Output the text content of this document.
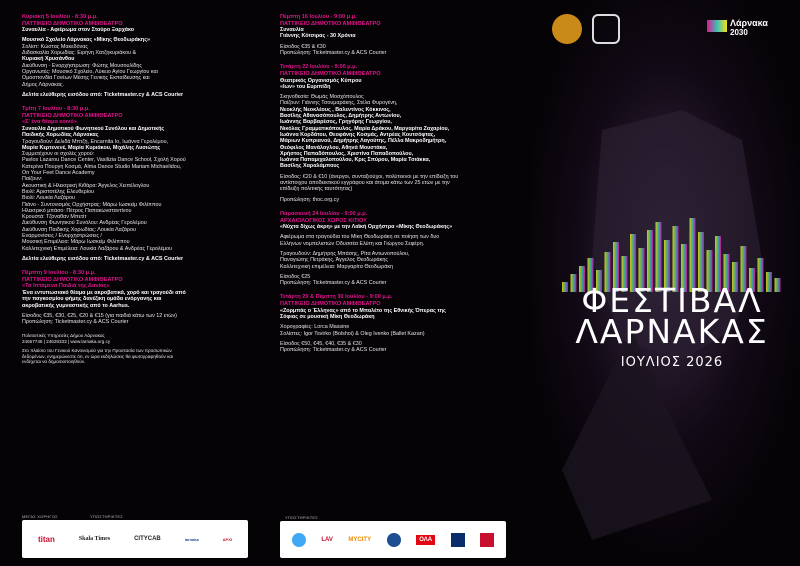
Κυριακή 5 Ιουλίου - 8:30 μ.μ.
ΠΑΤΤΙΚΕΙΟ ΔΗΜΟΤΙΚΟ ΑΜΦΙΘΕΑΤΡΟ
Συναυλία - Αφιέρωμα στον Σταύρο Ξαρχάκο
Μουσικό Σχολείο Λάρνακας «Μίκης Θεοδωράκης»
Σολίστ: Κώστας Μακεδόνας
Διδασκαλία Χορωδίας: Ειρήνη Χατζηκυριάκου &
Κυριακή Χρυσάνθου
Διεύθυνση - Ενορχήστρωση: Φώτης Μουσουλίδης
Οργανωτές: Μουσικό Σχολείο, Λύκειο Αγίου Γεωργίου και
Ομοσπονδία Γονέων Μέσης Γενικής Εκπαίδευσης και
Δήμος Λάρνακας.
Δελτία ελεύθερης εισόδου από: Ticketmaster.cy & ACS Courier
Τρίτη 7 Ιουλίου - 8:30 μ.μ.
ΠΑΤΤΙΚΕΙΟ ΔΗΜΟΤΙΚΟ ΑΜΦΙΘΕΑΤΡΟ
«Σ' ένα θέαμα κοινό»
Συναυλία Δημοτικού Φωνητικού Συνόλου και Δημοτικής
Παιδικής Χορωδίας Λάρνακας
Τραγουδούν: Δελιδά Μπτζή, Encarnita Io, Ιωάννα Γερολέμου,
Μαρία Κερτενενέ, Μαρία Κυριάκου, Μιχάλης Λυσιώτης
Συμμετέχουν οι σχολές χορού:
Pavlos Lazarou Dance Center, Vasilizia Dance School, Σχολή Χορού
Κατερίνα Πουργή Κοσμά, Alma Dance Studio Mariam Michaelidou,
On Your Feet Dance Academy
Παίζουν:
Ακουστική & Ηλεκτρική Κιθάρα: Άγγελος Χειπέλογλου
Βιολί: Αριστοτέλης Ελευθερίου
Βιολί: Λουκία Λαζάρου
Πιάνο - Συντονισμός Ορχήστρας: Μάρω Ιωσκείμ Φιλίππου
Ηλεκτρικό μπάσο: Πέτρος Παπακωνσταντίνου
Κρουστά: Τζοναθαν Μπετίτ
Διεύθυνση Φωνητικού Συνόλου: Ανδρέας Γερολέμου
Διεύθυνση Παιδικής Χορωδίας: Λουκία Λαζάρου
Εναρμονίσεις / Ενορχηστρώσεις /
Μουσική Επιμέλεια: Μάρω Ιωσκείμ Φιλίππου
Καλλιτεχνική Επιμέλεια: Λουκία Λαζάρου & Ανδρέας Γερολέμου
Δελτία ελεύθερης εισόδου από: Ticketmaster.cy & ACS Courier
Πέμπτη 9 Ιουλίου - 8:30 μ.μ.
ΠΑΤΤΙΚΕΙΟ ΔΗΜΟΤΙΚΟ ΑΜΦΙΘΕΑΤΡΟ
«Τα Ιπτάμενα Παιδιά της Δανίας»
Ένα εντυπωσιακό θέαμα με ακροβατικά, χορό και τραγούδι από
την παγκοσμίου φήμης δανέζικη ομάδα ενόργανης και
ακροβατικής γυμναστικής από το Aarhus.
Είσοδος €35, €30, €25, €20 & €15 (για παιδιά κάτω των 12 ετών)
Προπώληση: Ticketmaster.cy & ACS Courier
Πολιτιστικές Υπηρεσίες Δήμου Λάρνακας
24657745 | 24629333 | www.larnaka.org.cy
Στο πλαίσιο του Γενικού Κανονισμού για την Προστασία των προσωπικών
δεδομένων, ενημερώνεστε ότι, εν ώρα εκδηλώσεις θα φωτογραφηθούν και
ενδέχεται να δημοσιοποιηθούν.
ΜΕΓΑΣ ΧΟΡΗΓΟΣ	ΥΠΟΣΤΗΡΙΚΤΕΣ
titan	Skala Times	CITYCAB	larnaka	ΑΡΧΙ
Πέμπτη 16 Ιουλίου - 9:00 μ.μ.
ΠΑΤΤΙΚΕΙΟ ΔΗΜΟΤΙΚΟ ΑΜΦΙΘΕΑΤΡΟ
Συναυλία
Γιάννης Κότσιρας - 30 Χρόνια
Είσοδος €35 & €30
Προπώληση: Ticketmaster.cy & ACS Courier
Τετάρτη 22 Ιουλίου - 9:00 μ.μ.
ΠΑΤΤΙΚΕΙΟ ΔΗΜΟΤΙΚΟ ΑΜΦΙΘΕΑΤΡΟ
Θεατρικός Οργανισμός Κύπρου
«Ιων» του Ευριπίδη
Σκηνοθεσία: Θωμάς Μοσχόπουλος
Παίζουν: Γιάννης Τσουμαράκης, Στέλα Φυρογένη,
Νεοκλής Νεοκλέους , Βαλεντίνος Κόκκινος,
Βασίλης Αθανασόπουλος, Δημήτρης Αντωνίου,
Ιωάννης Βαρβαρέσος, Γρηγόρης Γεωργίου,
Νικόλας Γραμματικόπουλος, Μαρία Δράκου, Μαργαρίτα Ζαχαρίου,
Ιωάννα Κορδάτου, Θεοφάνης Κοσμάς, Αντρέας Κουτσόφτας,
Μάριων Κυπριανού, Δημήτρης Λαγούτης, Πέλλα Μακροδημήτρη,
Θεόφιλος Μανάλογλου, Αθηνά Μουστάκα,
Χρήστος Παπαδόπουλος, Χριστίνα Παπαδοπούλου,
Ιωάννα Παπαμιχαλοπούλου, Κρις Σπύρου, Μαρία Τσιάκκα,
Βασίλης Χαραλάμπους
Είσοδος: €20 & €10 (άνεργοι, συνταξιούχοι, πολύτεκνοι με την επίδειξη του
αντίστοιχου αποδεικτικού εγγράφου και άτομα κάτω των 25 ετών με την
επίδειξη πολιτικής ταυτότητας)
Προπώληση: thoc.org.cy
Παρασκευή 24 Ιουλίου - 9:00 μ.μ.
ΑΡΧΑΙΟΛΟΓΙΚΟΣ ΧΩΡΟΣ ΚΙΤΙΟΥ
«Νύχτα δίχως άκρη» με την Λαϊκή Ορχήστρα «Μίκης Θεοδωράκης»
Αφιέρωμα στα τραγούδια του Μίκη Θεοδωράκη σε ποίηση των δυο
Ελλήνων νομπελιστών Οδυσσέα Ελύτη και Γιώργου Σεφέρη.
Τραγουδούν: Δημήτρης Μπάσης, Ρίτα Αντωνοπούλου,
Παναγιώτης Πετράκης, Άγγελος Θεοδωράκης
Καλλιτεχνική επιμέλεια: Μαργαρίτα Θεοδωράκη
Είσοδος €25
Προπώληση: Ticketmaster.cy & ACS Courier
Τετάρτη 29 & Πέμπτη 30 Ιουλίου - 9:00 μ.μ.
ΠΑΤΤΙΚΕΙΟ ΔΗΜΟΤΙΚΟ ΑΜΦΙΘΕΑΤΡΟ
«Ζορμπάς ο Έλληνας» από το Μπαλέτο της Εθνικής Όπερας της
Σόφιας σε μουσική Μίκη Θεοδωράκη
Χορογραφίες: Lorca Massine
Σολίστες: Igor Tsvirko (Bolshoi) & Oleg Ivenko (Ballet Kazan)
Είσοδος €50, €45, €40, €35 & €30
Προπώληση: Ticketmaster.cy & ACS Courier
ΥΠΟΣΤΗΡΙΚΤΕΣ
LAV	MYCITY	ΟΛΑ
Λάρνακα
2030
ΦΕΣΤΙΒΑΛ
ΛΑΡΝΑΚΑΣ
ΙΟΥΛΙΟΣ 2026
